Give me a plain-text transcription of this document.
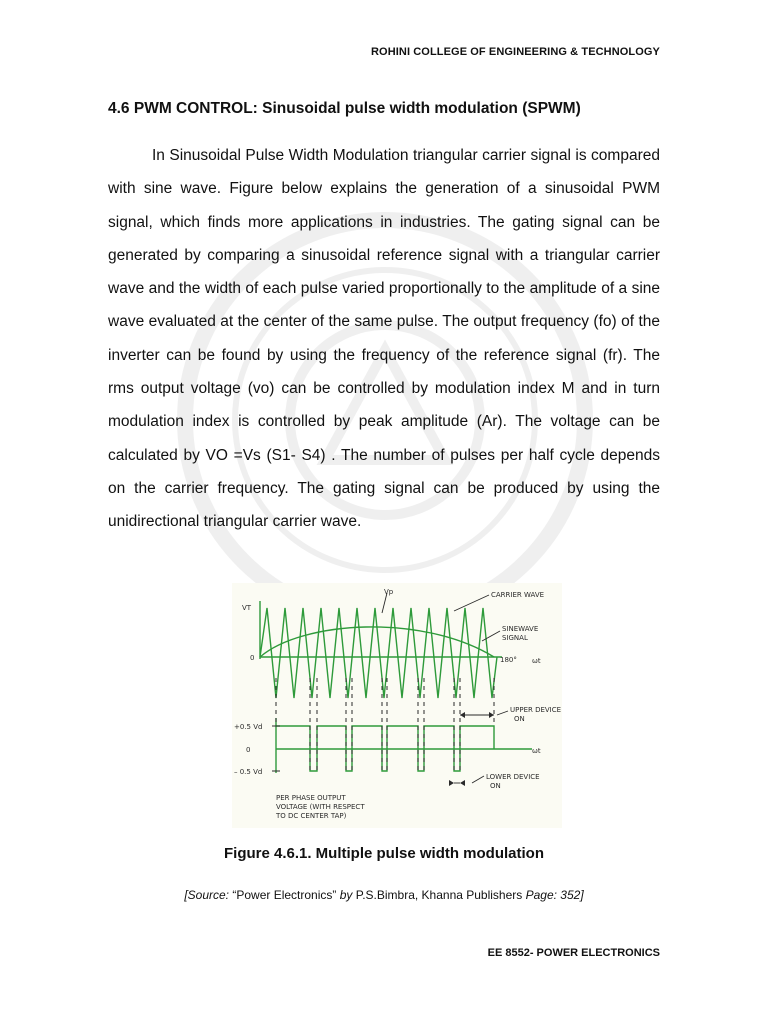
ROHINI COLLEGE OF ENGINEERING & TECHNOLOGY
4.6 PWM CONTROL: Sinusoidal pulse width modulation (SPWM)
In Sinusoidal Pulse Width Modulation triangular carrier signal is compared with sine wave. Figure below explains the generation of a sinusoidal PWM signal, which finds more applications in industries. The gating signal can be generated by comparing a sinusoidal reference signal with a triangular carrier wave and the width of each pulse varied proportionally to the amplitude of a sine wave evaluated at the center of the same pulse. The output frequency (fo) of the inverter can be found by using the frequency of the reference signal (fr). The rms output voltage (vo) can be controlled by modulation index M and in turn modulation index is controlled by peak amplitude (Ar). The voltage can be calculated by VO =Vs (S1- S4) . The number of pulses per half cycle depends on the carrier frequency. The gating signal can be produced by using the unidirectional triangular carrier wave.
VT
Vp
0
CARRIER WAVE
SINEWAVE
SIGNAL
180° ωt
+0.5 Vd
0
– 0.5 Vd
ωt
UPPER DEVICE
ON
LOWER DEVICE
ON
PER PHASE OUTPUT
VOLTAGE (WITH RESPECT
TO DC CENTER TAP)
Figure 4.6.1. Multiple pulse width modulation
[Source: “Power Electronics” by P.S.Bimbra, Khanna Publishers Page: 352]
EE 8552- POWER ELECTRONICS
